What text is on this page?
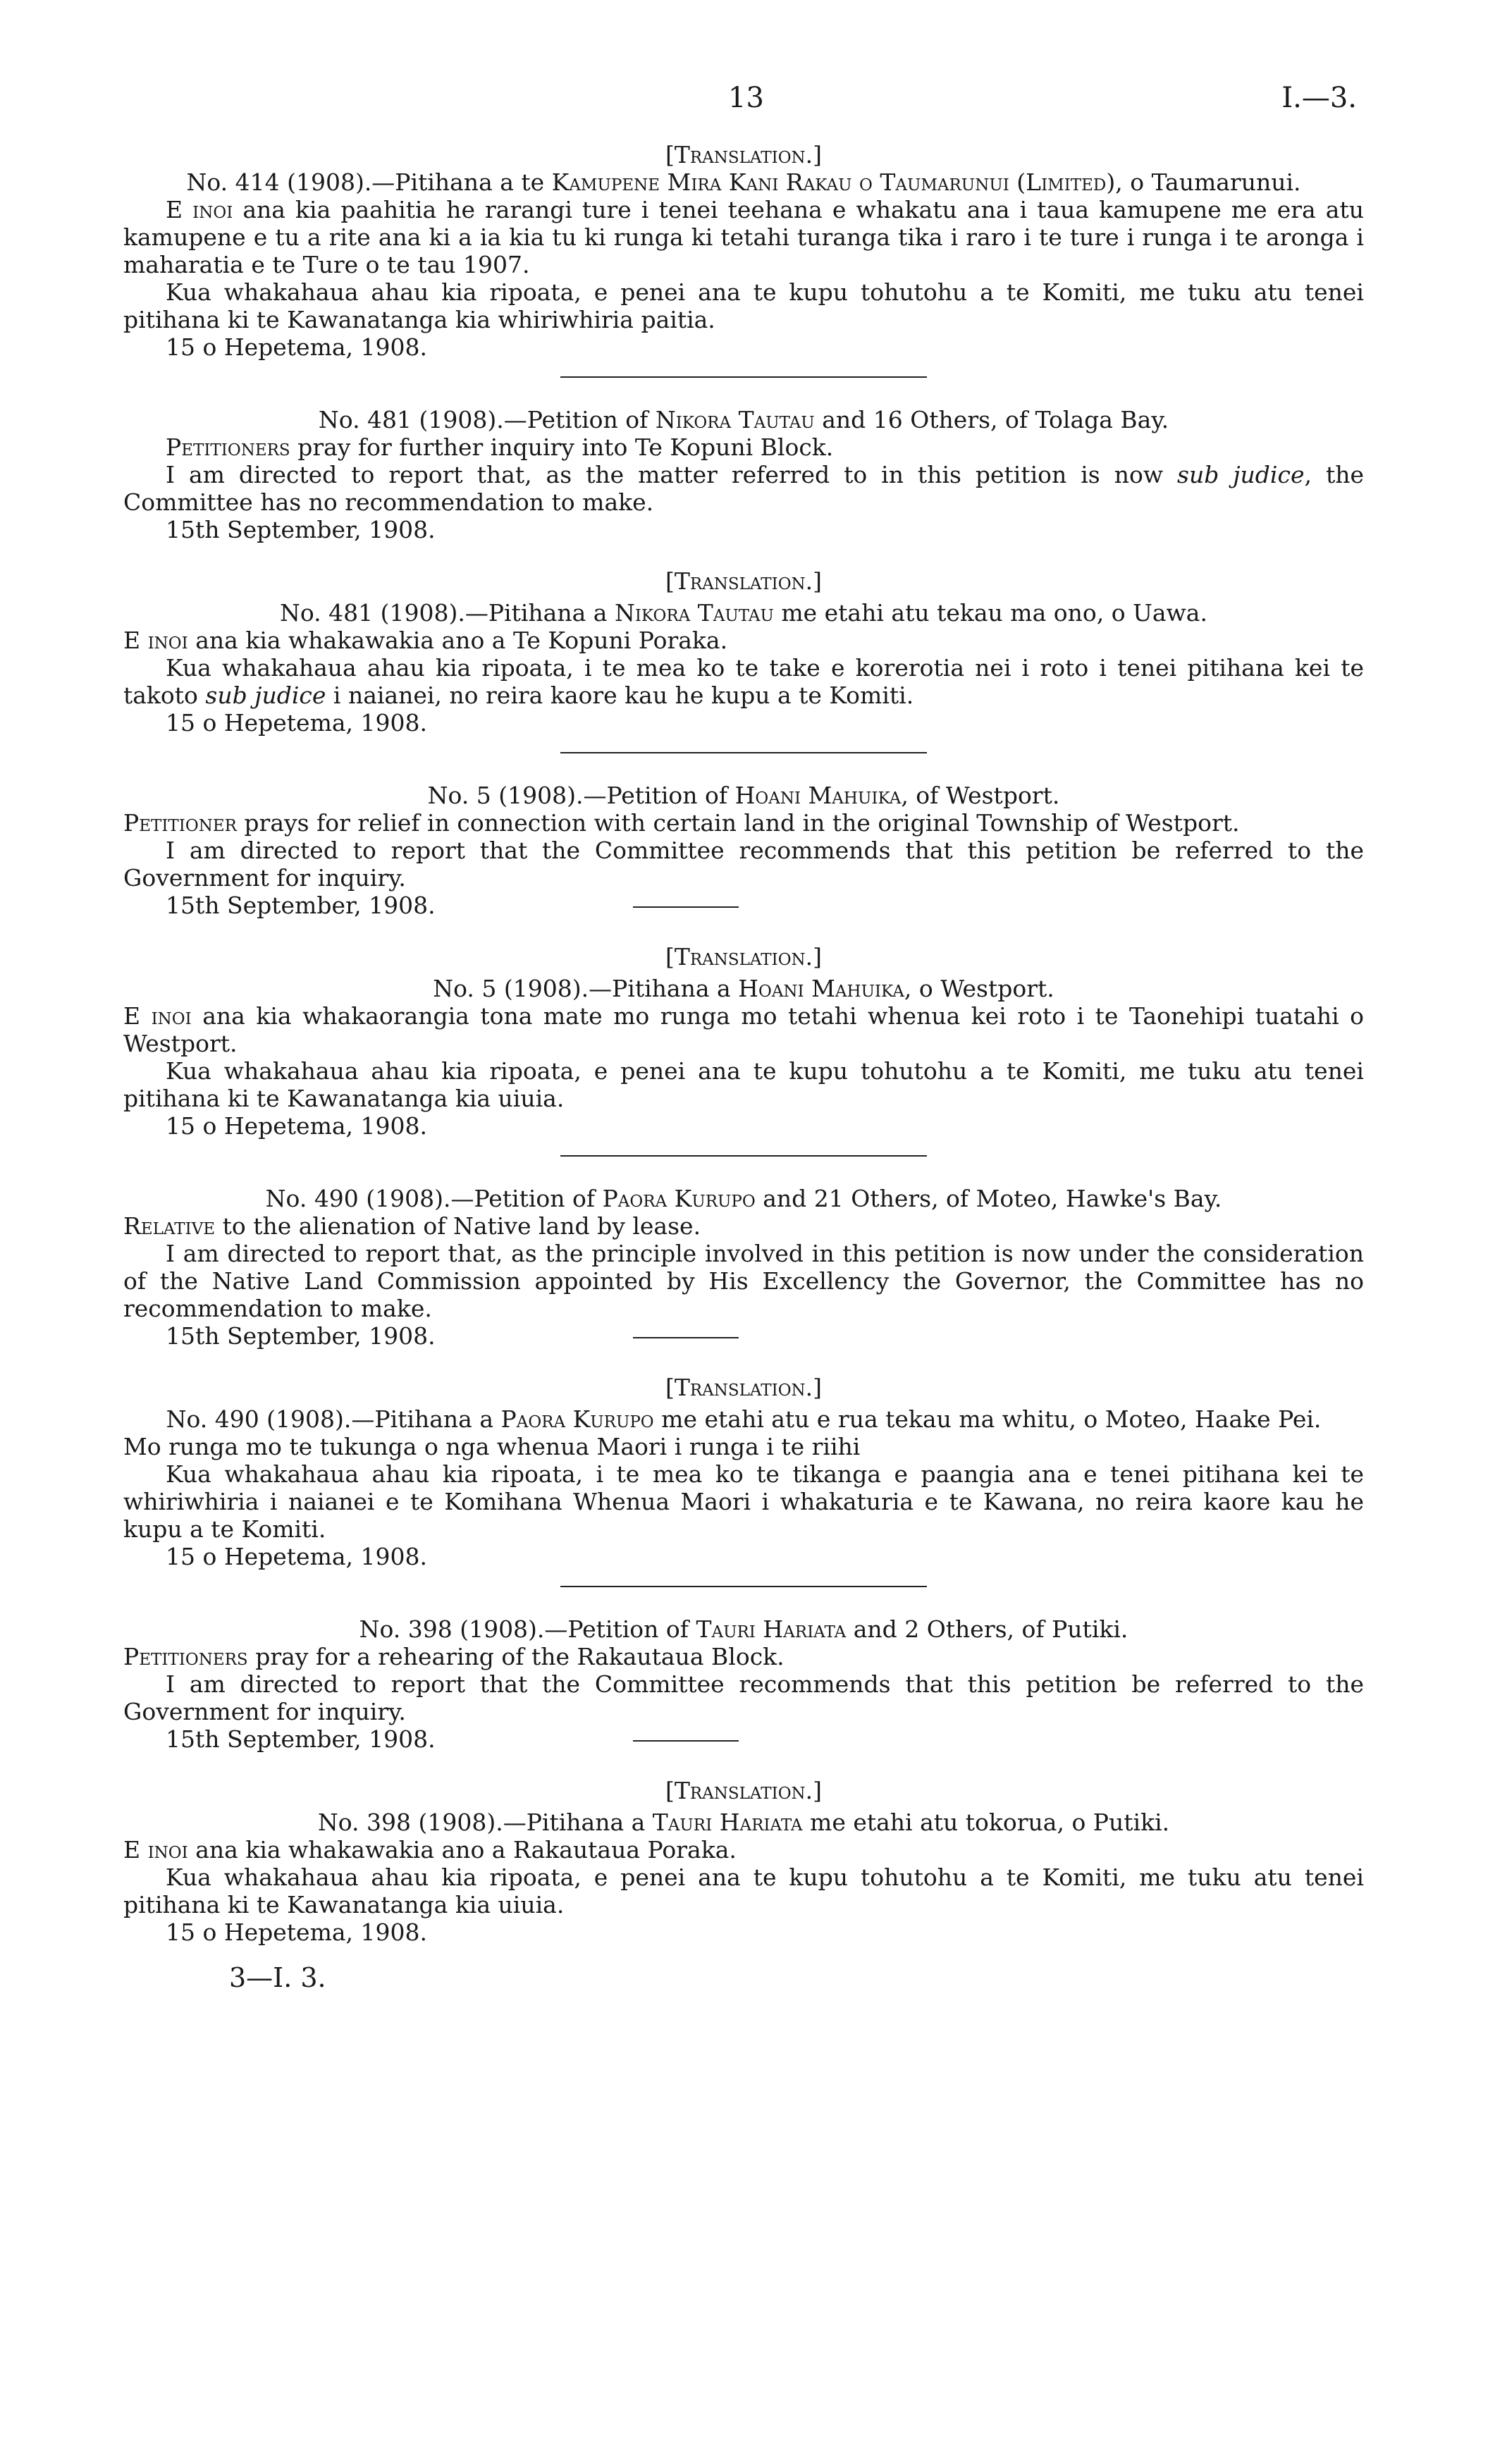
13	I.—3.
[Translation.]
No. 414 (1908).—Pitihana a te Kamupene Mira Kani Rakau o Taumarunui (Limited), o Taumarunui.

E inoi ana kia paahitia he rarangi ture i tenei teehana e whakatu ana i taua kamupene me era atu kamupene e tu a rite ana ki a ia kia tu ki runga ki tetahi turanga tika i raro i te ture i runga i te aronga i maharatia e te Ture o te tau 1907.

Kua whakahaua ahau kia ripoata, e penei ana te kupu tohutohu a te Komiti, me tuku atu tenei pitihana ki te Kawanatanga kia whiriwhiria paitia.

15 o Hepetema, 1908.
No. 481 (1908).—Petition of Nikora Tautau and 16 Others, of Tolaga Bay.

Petitioners pray for further inquiry into Te Kopuni Block.

I am directed to report that, as the matter referred to in this petition is now sub judice, the Committee has no recommendation to make.

15th September, 1908.
[Translation.]
No. 481 (1908).—Pitihana a Nikora Tautau me etahi atu tekau ma ono, o Uawa.

E inoi ana kia whakawakia ano a Te Kopuni Poraka.

Kua whakahaua ahau kia ripoata, i te mea ko te take e korerotia nei i roto i tenei pitihana kei te takoto sub judice i naianei, no reira kaore kau he kupu a te Komiti.

15 o Hepetema, 1908.
No. 5 (1908).—Petition of Hoani Mahuika, of Westport.

Petitioner prays for relief in connection with certain land in the original Township of Westport.

I am directed to report that the Committee recommends that this petition be referred to the Government for inquiry.

15th September, 1908.
[Translation.]
No. 5 (1908).—Pitihana a Hoani Mahuika, o Westport.

E inoi ana kia whakaorangia tona mate mo runga mo tetahi whenua kei roto i te Taonehipi tuatahi o Westport.

Kua whakahaua ahau kia ripoata, e penei ana te kupu tohutohu a te Komiti, me tuku atu tenei pitihana ki te Kawanatanga kia uiuia.

15 o Hepetema, 1908.
No. 490 (1908).—Petition of Paora Kurupo and 21 Others, of Moteo, Hawke's Bay.

Relative to the alienation of Native land by lease.

I am directed to report that, as the principle involved in this petition is now under the consideration of the Native Land Commission appointed by His Excellency the Governor, the Committee has no recommendation to make.

15th September, 1908.
[Translation.]
No. 490 (1908).—Pitihana a Paora Kurupo me etahi atu e rua tekau ma whitu, o Moteo, Haake Pei.

Mo runga mo te tukunga o nga whenua Maori i runga i te riihi

Kua whakahaua ahau kia ripoata, i te mea ko te tikanga e paangia ana e tenei pitihana kei te whiriwhiria i naianei e te Komihana Whenua Maori i whakaturia e te Kawana, no reira kaore kau he kupu a te Komiti.

15 o Hepetema, 1908.
No. 398 (1908).—Petition of Tauri Hariata and 2 Others, of Putiki.

Petitioners pray for a rehearing of the Rakautaua Block.

I am directed to report that the Committee recommends that this petition be referred to the Government for inquiry.

15th September, 1908.
[Translation.]
No. 398 (1908).—Pitihana a Tauri Hariata me etahi atu tokorua, o Putiki.

E inoi ana kia whakawakia ano a Rakautaua Poraka.

Kua whakahaua ahau kia ripoata, e penei ana te kupu tohutohu a te Komiti, me tuku atu tenei pitihana ki te Kawanatanga kia uiuia.

15 o Hepetema, 1908.
3—I. 3.
